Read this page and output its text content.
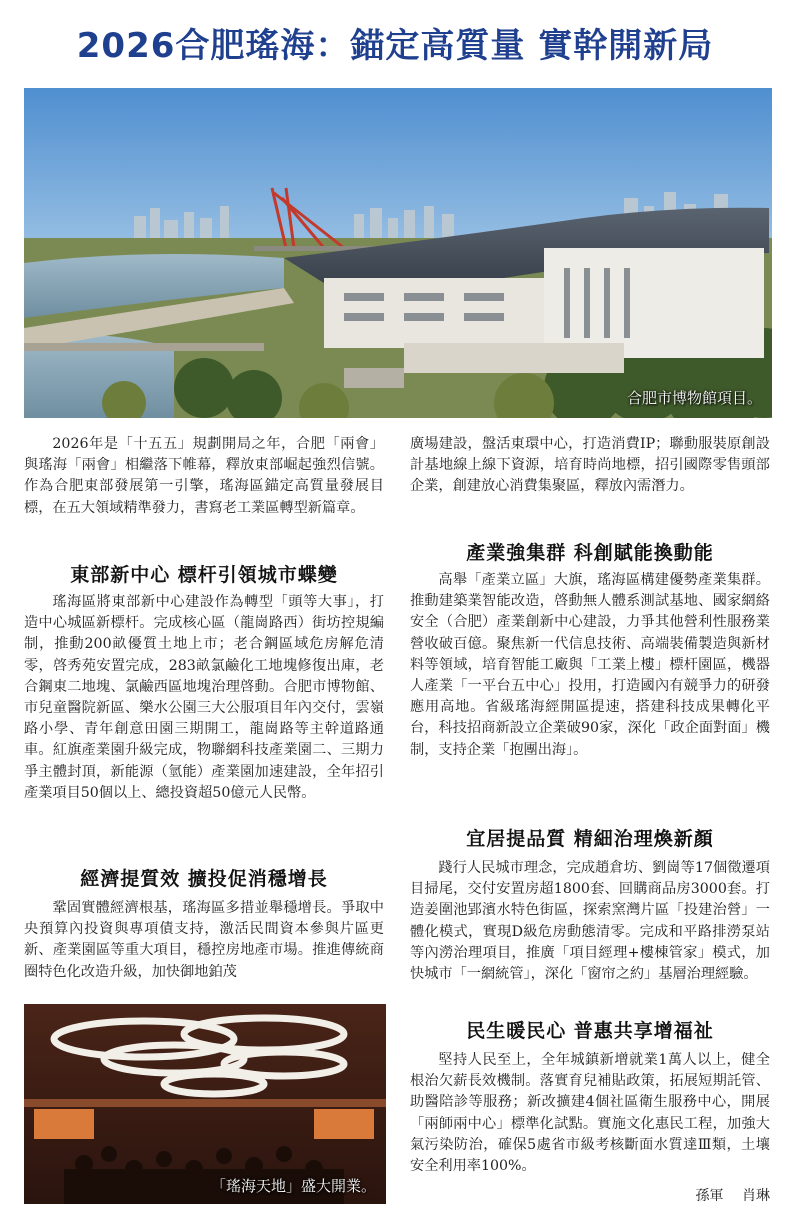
2026合肥瑤海：錨定高質量 實幹開新局
合肥市博物館項目。
2026年是「十五五」規劃開局之年，合肥「兩會」與瑤海「兩會」相繼落下帷幕，釋放東部崛起強烈信號。作為合肥東部發展第一引擎，瑤海區錨定高質量發展目標，在五大領域精準發力，書寫老工業區轉型新篇章。
東部新中心 標杆引領城市蝶變
瑤海區將東部新中心建設作為轉型「頭等大事」，打造中心城區新標杆。完成核心區（龍崗路西）街坊控規編制，推動200畝優質土地上市；老合鋼區域危房解危清零，啓秀苑安置完成，283畝氯鹼化工地塊修復出庫，老合鋼東二地塊、氯鹼西區地塊治理啓動。合肥市博物館、市兒童醫院新區、樂水公園三大公服項目年內交付，雲嶺路小學、青年創意田園三期開工，龍崗路等主幹道路通車。紅旗產業園升級完成，物聯網科技產業園二、三期力爭主體封頂，新能源（氫能）產業園加速建設，全年招引產業項目50個以上、總投資超50億元人民幣。
經濟提質效 擴投促消穩增長
鞏固實體經濟根基，瑤海區多措並舉穩增長。爭取中央預算內投資與專項債支持，激活民間資本參與片區更新、產業園區等重大項目，穩控房地產市場。推進傳統商圈特色化改造升級，加快御地鉑茂
「瑤海天地」盛大開業。
廣場建設，盤活東環中心，打造消費IP；聯動服裝原創設計基地線上線下資源，培育時尚地標，招引國際零售頭部企業，創建放心消費集聚區，釋放內需潛力。
產業強集群 科創賦能換動能
高舉「產業立區」大旗，瑤海區構建優勢產業集群。推動建築業智能改造，啓動無人體系測試基地、國家網絡安全（合肥）產業創新中心建設，力爭其他營利性服務業營收破百億。聚焦新一代信息技術、高端裝備製造與新材料等領域，培育智能工廠與「工業上樓」標杆園區，機器人產業「一平台五中心」投用，打造國內有競爭力的研發應用高地。省級瑤海經開區提速，搭建科技成果轉化平台，科技招商新設立企業破90家，深化「政企面對面」機制，支持企業「抱團出海」。
宜居提品質 精細治理煥新顏
踐行人民城市理念，完成趙倉坊、劉崗等17個徵遷項目掃尾，交付安置房超1800套、回購商品房3000套。打造姜圍池郢濱水特色街區，探索窯灣片區「投建治營」一體化模式，實現D級危房動態清零。完成和平路排澇泵站等內澇治理項目，推廣「項目經理+樓棟管家」模式，加快城市「一網統管」，深化「窗帘之約」基層治理經驗。
民生暖民心 普惠共享增福祉
堅持人民至上，全年城鎮新增就業1萬人以上，健全根治欠薪長效機制。落實育兒補貼政策，拓展短期託管、助醫陪診等服務；新改擴建4個社區衛生服務中心，開展「兩師兩中心」標準化試點。實施文化惠民工程，加強大氣污染防治，確保5處省市級考核斷面水質達Ⅲ類，土壤安全利用率100%。
孫軍 肖琳
